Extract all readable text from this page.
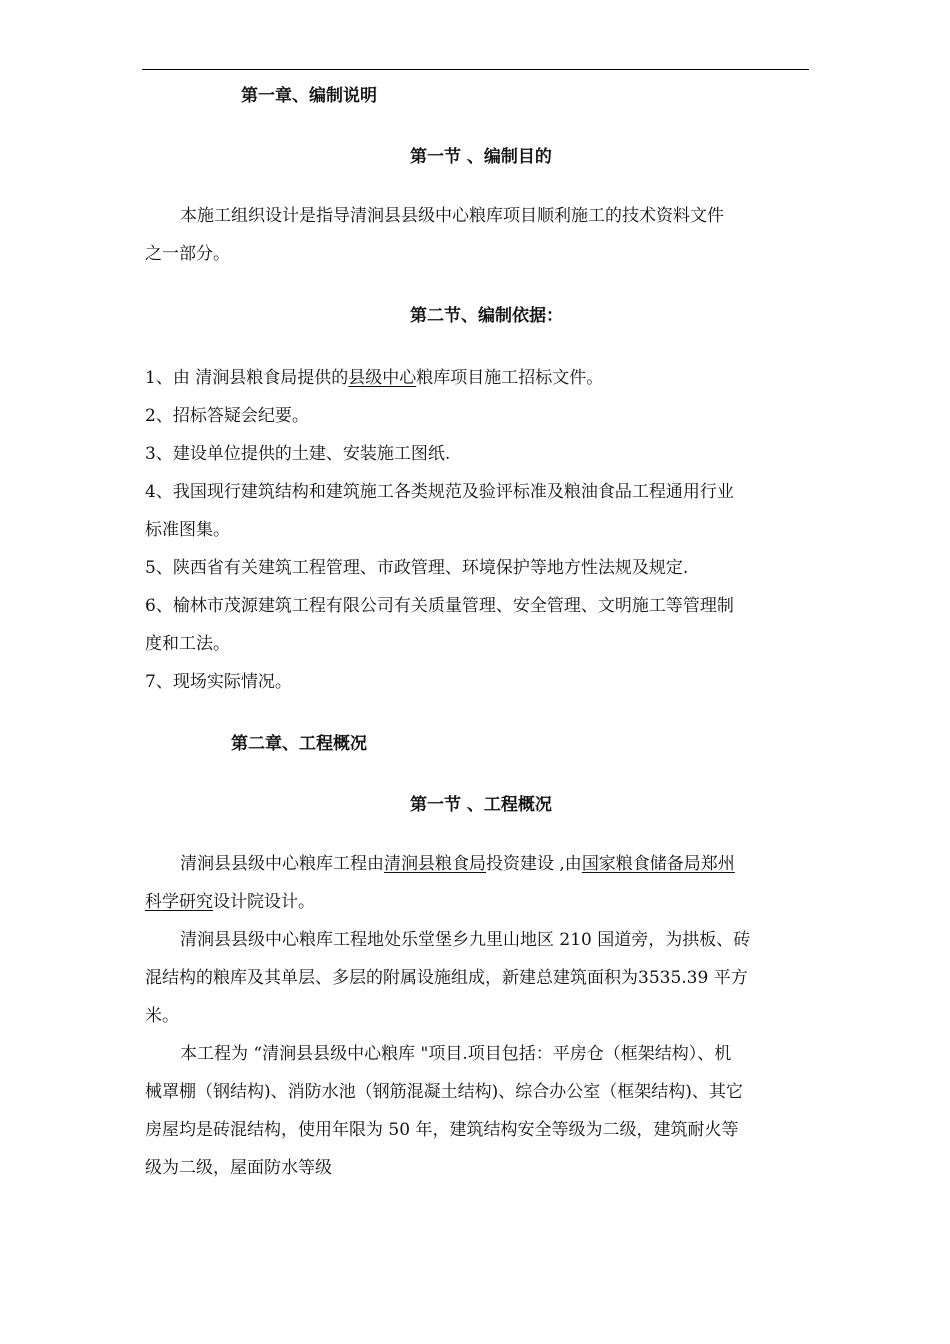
第一章、编制说明
第一节 、编制目的
本施工组织设计是指导清涧县县级中心粮库项目顺利施工的技术资料文件
之一部分。
第二节、编制依据：
1、由 清涧县粮食局提供的县级中心粮库项目施工招标文件。
2、招标答疑会纪要。
3、建设单位提供的土建、安装施工图纸.
4、我国现行建筑结构和建筑施工各类规范及验评标准及粮油食品工程通用行业
标准图集。
5、陕西省有关建筑工程管理、市政管理、环境保护等地方性法规及规定.
6、榆林市茂源建筑工程有限公司有关质量管理、安全管理、文明施工等管理制
度和工法。
7、现场实际情况。
第二章、工程概况
第一节 、工程概况
清涧县县级中心粮库工程由清涧县粮食局投资建设 ,由国家粮食储备局郑州
科学研究设计院设计。
清涧县县级中心粮库工程地处乐堂堡乡九里山地区 210 国道旁，为拱板、砖
混结构的粮库及其单层、多层的附属设施组成，新建总建筑面积为3535.39 平方
米。
本工程为 “清涧县县级中心粮库 "项目.项目包括：平房仓（框架结构）、机
械罩棚（钢结构)、消防水池（钢筋混凝土结构)、综合办公室（框架结构)、其它
房屋均是砖混结构，使用年限为 50 年，建筑结构安全等级为二级，建筑耐火等
级为二级，屋面防水等级
